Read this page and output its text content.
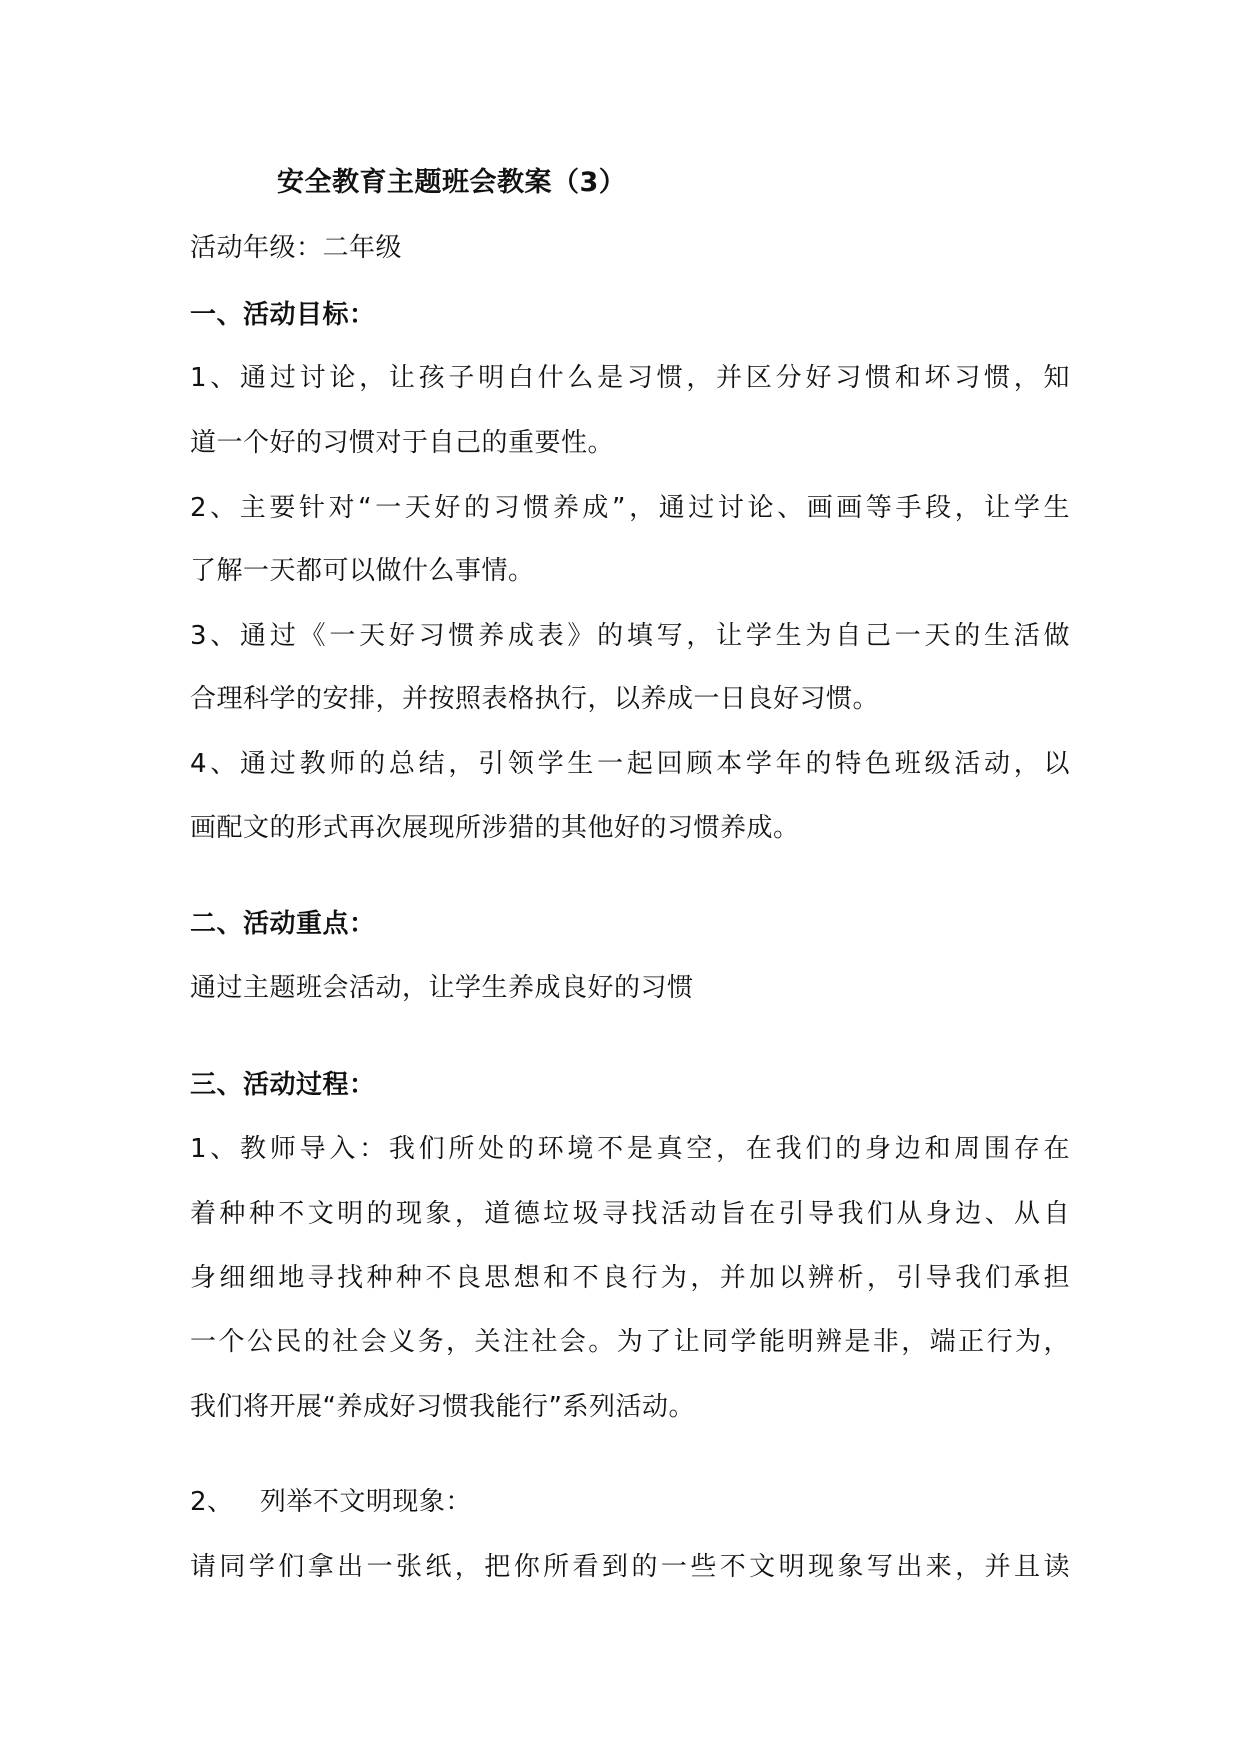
安全教育主题班会教案（3）
活动年级：二年级
一、活动目标：
1、通过讨论，让孩子明白什么是习惯，并区分好习惯和坏习惯，知
道一个好的习惯对于自己的重要性。
2、主要针对“一天好的习惯养成”，通过讨论、画画等手段，让学生
了解一天都可以做什么事情。
3、通过《一天好习惯养成表》的填写，让学生为自己一天的生活做
合理科学的安排，并按照表格执行，以养成一日良好习惯。
4、通过教师的总结，引领学生一起回顾本学年的特色班级活动，以
画配文的形式再次展现所涉猎的其他好的习惯养成。
二、活动重点：
通过主题班会活动，让学生养成良好的习惯
三、活动过程：
1、教师导入：我们所处的环境不是真空，在我们的身边和周围存在
着种种不文明的现象，道德垃圾寻找活动旨在引导我们从身边、从自
身细细地寻找种种不良思想和不良行为，并加以辨析，引导我们承担
一个公民的社会义务，关注社会。为了让同学能明辨是非，端正行为，
我们将开展“养成好习惯我能行”系列活动。
2、   列举不文明现象：
请同学们拿出一张纸，把你所看到的一些不文明现象写出来，并且读
